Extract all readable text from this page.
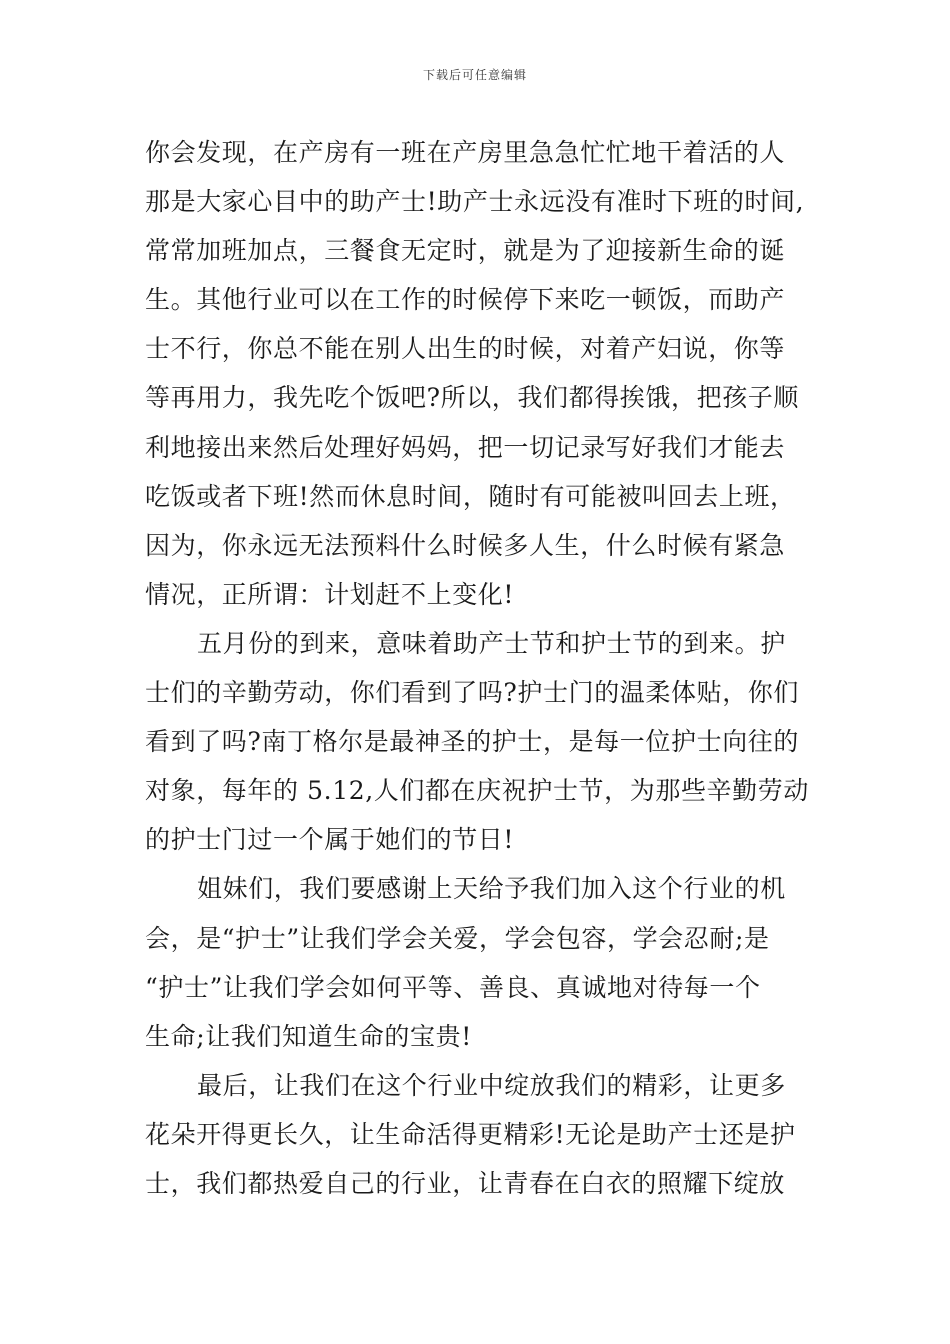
下载后可任意编辑
你会发现，在产房有一班在产房里急急忙忙地干着活的人
那是大家心目中的助产士!助产士永远没有准时下班的时间,
常常加班加点，三餐食无定时，就是为了迎接新生命的诞
生。其他行业可以在工作的时候停下来吃一顿饭，而助产
士不行，你总不能在别人出生的时候，对着产妇说，你等
等再用力，我先吃个饭吧?所以，我们都得挨饿，把孩子顺
利地接出来然后处理好妈妈，把一切记录写好我们才能去
吃饭或者下班!然而休息时间，随时有可能被叫回去上班，
因为，你永远无法预料什么时候多人生，什么时候有紧急
情况，正所谓：计划赶不上变化!
五月份的到来，意味着助产士节和护士节的到来。护
士们的辛勤劳动，你们看到了吗?护士门的温柔体贴，你们
看到了吗?南丁格尔是最神圣的护士，是每一位护士向往的
对象，每年的 5.12,人们都在庆祝护士节，为那些辛勤劳动
的护士门过一个属于她们的节日!
姐妹们，我们要感谢上天给予我们加入这个行业的机
会，是“护士”让我们学会关爱，学会包容，学会忍耐;是
“护士”让我们学会如何平等、善良、真诚地对待每一个
生命;让我们知道生命的宝贵!
最后，让我们在这个行业中绽放我们的精彩，让更多
花朵开得更长久，让生命活得更精彩!无论是助产士还是护
士，我们都热爱自己的行业，让青春在白衣的照耀下绽放
